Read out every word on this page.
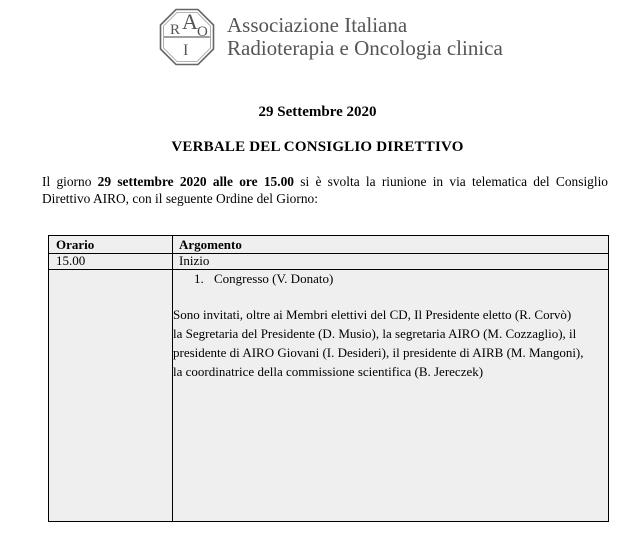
R A O
I
Associazione Italiana
Radioterapia e Oncologia clinica
29 Settembre 2020
VERBALE DEL CONSIGLIO DIRETTIVO
Il giorno 29 settembre 2020 alle ore 15.00 si è svolta la riunione in via telematica del Consiglio Direttivo AIRO, con il seguente Ordine del Giorno:
Orario	Argomento
15.00	Inizio
1. Congresso (V. Donato)
Sono invitati, oltre ai Membri elettivi del CD, Il Presidente eletto (R. Corvò)
la Segretaria del Presidente (D. Musio), la segretaria AIRO (M. Cozzaglio), il
presidente di AIRO Giovani (I. Desideri), il presidente di AIRB (M. Mangoni),
la coordinatrice della commissione scientifica (B. Jereczek)
